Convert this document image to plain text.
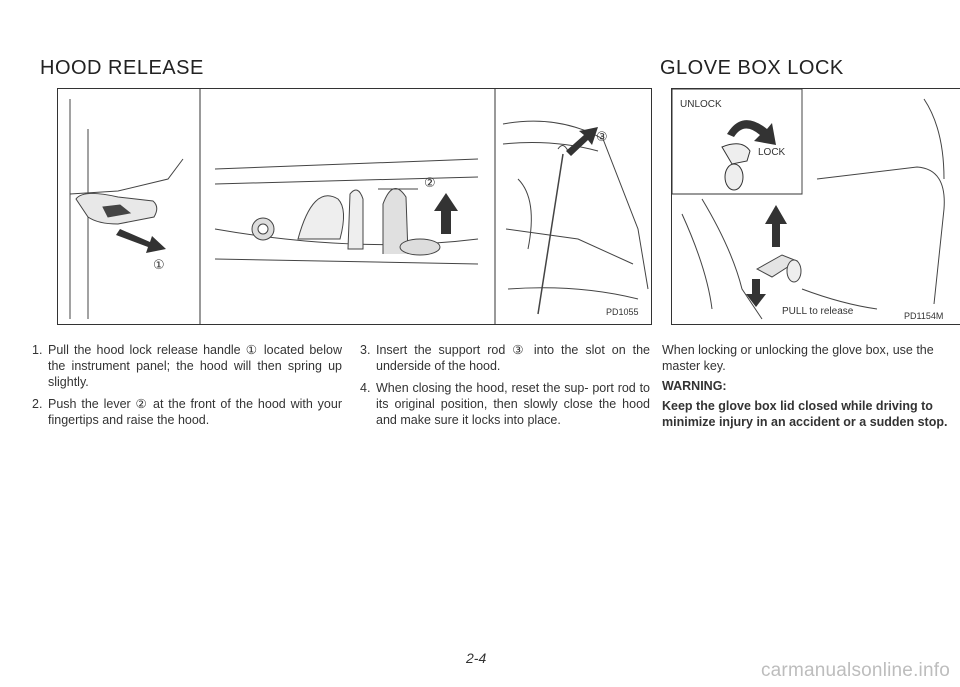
HOOD RELEASE	GLOVE BOX LOCK
①
②
③
PD1055
UNLOCK
LOCK
PULL to release	PD1154M
1. Pull the hood lock release handle ① located below the instrument panel; the hood will then spring up slightly.
2. Push the lever ② at the front of the hood with your fingertips and raise the hood.
3. Insert the support rod ③ into the slot on the underside of the hood.
4. When closing the hood, reset the sup- port rod to its original position, then slowly close the hood and make sure it locks into place.
When locking or unlocking the glove box, use the master key.
WARNING:
Keep the glove box lid closed while driving to minimize injury in an accident or a sudden stop.
2-4
carmanualsonline.info
